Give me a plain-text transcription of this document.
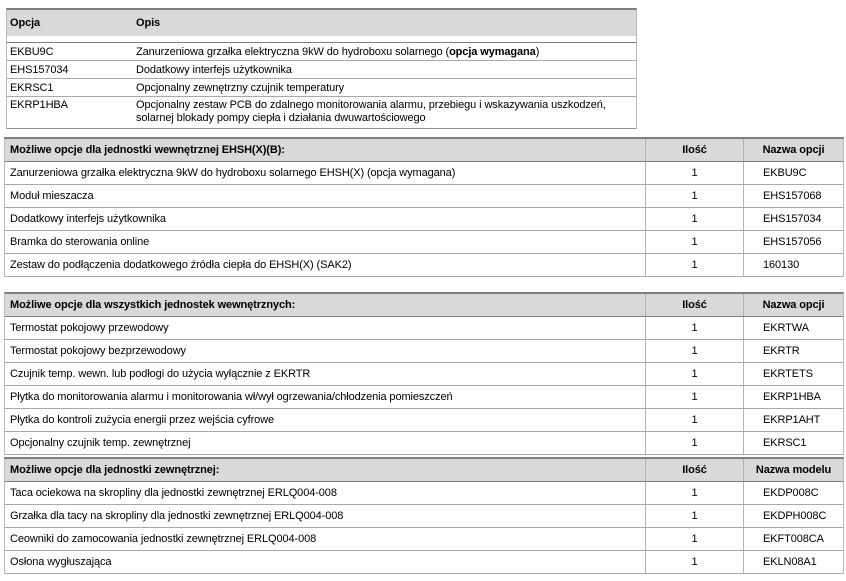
Opcja	Opis
EKBU9C	Zanurzeniowa grzałka elektryczna 9kW do hydroboxu solarnego (opcja wymagana)
EHS157034	Dodatkowy interfejs użytkownika
EKRSC1	Opcjonalny zewnętrzny czujnik temperatury
EKRP1HBA	Opcjonalny zestaw PCB do zdalnego monitorowania alarmu, przebiegu i wskazywania uszkodzeń, solarnej blokady pompy ciepła i działania dwuwartościowego
Możliwe opcje dla jednostki wewnętrznej EHSH(X)(B):	Ilość	Nazwa opcji
Zanurzeniowa grzałka elektryczna 9kW do hydroboxu solarnego EHSH(X) (opcja wymagana)	1	EKBU9C
Moduł mieszacza	1	EHS157068
Dodatkowy interfejs użytkownika	1	EHS157034
Bramka do sterowania online	1	EHS157056
Zestaw do podłączenia dodatkowego źródła ciepła do EHSH(X) (SAK2)	1	160130
Możliwe opcje dla wszystkich jednostek wewnętrznych:	Ilość	Nazwa opcji
Termostat pokojowy przewodowy	1	EKRTWA
Termostat pokojowy bezprzewodowy	1	EKRTR
Czujnik temp. wewn. lub podłogi do użycia wyłącznie z EKRTR	1	EKRTETS
Płytka do monitorowania alarmu i monitorowania wł/wył ogrzewania/chłodzenia pomieszczeń	1	EKRP1HBA
Płytka do kontroli zużycia energii przez wejścia cyfrowe	1	EKRP1AHT
Opcjonalny czujnik temp. zewnętrznej	1	EKRSC1
Możliwe opcje dla jednostki zewnętrznej:	Ilość	Nazwa modelu
Taca ociekowa na skropliny dla jednostki zewnętrznej ERLQ004-008	1	EKDP008C
Grzałka dla tacy na skropliny dla jednostki zewnętrznej ERLQ004-008	1	EKDPH008C
Ceowniki do zamocowania jednostki zewnętrznej ERLQ004-008	1	EKFT008CA
Osłona wygłuszająca	1	EKLN08A1
